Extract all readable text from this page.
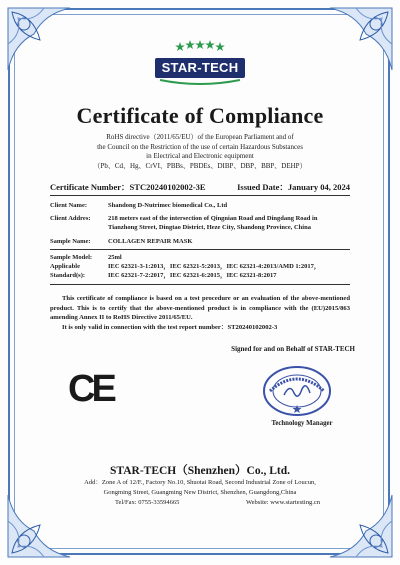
STAR-TECH
Certificate of Compliance
RoHS directive（2011/65/EU）of the European Parliament and of
the Council on the Restriction of the use of certain Hazardous Substances
in Electrical and Electronic equipment
（Pb、Cd、Hg、CrVI、PBBs、PBDEs、DIBP、DBP、BBP、DEHP）
Certificate Number：STC20240102002-3E	Issued Date：January 04, 2024
Client Name:	Shandong D-Nutrimec biomedical Co., Ltd
Client Addres:	218 meters east of the intersection of Qingnian Road and Dingdang Road in
Tianzhong Street, Dingtao District, Heze City, Shandong Province, China
Sample Name:	COLLAGEN REPAIR MASK
Sample Model:	25ml
Applicable
Standard(s):
IEC 62321-3-1:2013，IEC 62321-5:2013，IEC 62321-4:2013/AMD 1:2017，
IEC 62321-7-2:2017，IEC 62321-6:2015，IEC 62321-8:2017

This certificate of compliance is based on a test procedure or an evaluation of the above-mentioned product. This is to certify that the above-mentioned product is in compliance with the (EU)2015/863 amending Annex II to RoHS Directive 2011/65/EU.

It is only valid in connection with the test report number：ST20240102002-3

Signed for and on Behalf of STAR-TECH
CE
Technology Manager
STAR-TECH（Shenzhen）Co., Ltd.
Add：Zone A of 12/F., Factory No.10, Shuotai Road, Second Industrial Zone of Loucun,
Gongming Street, Guangming New District, Shenzhen, Guangdong,China
Tel/Fax: 0755-33594665	Website: www.startesting.cn
